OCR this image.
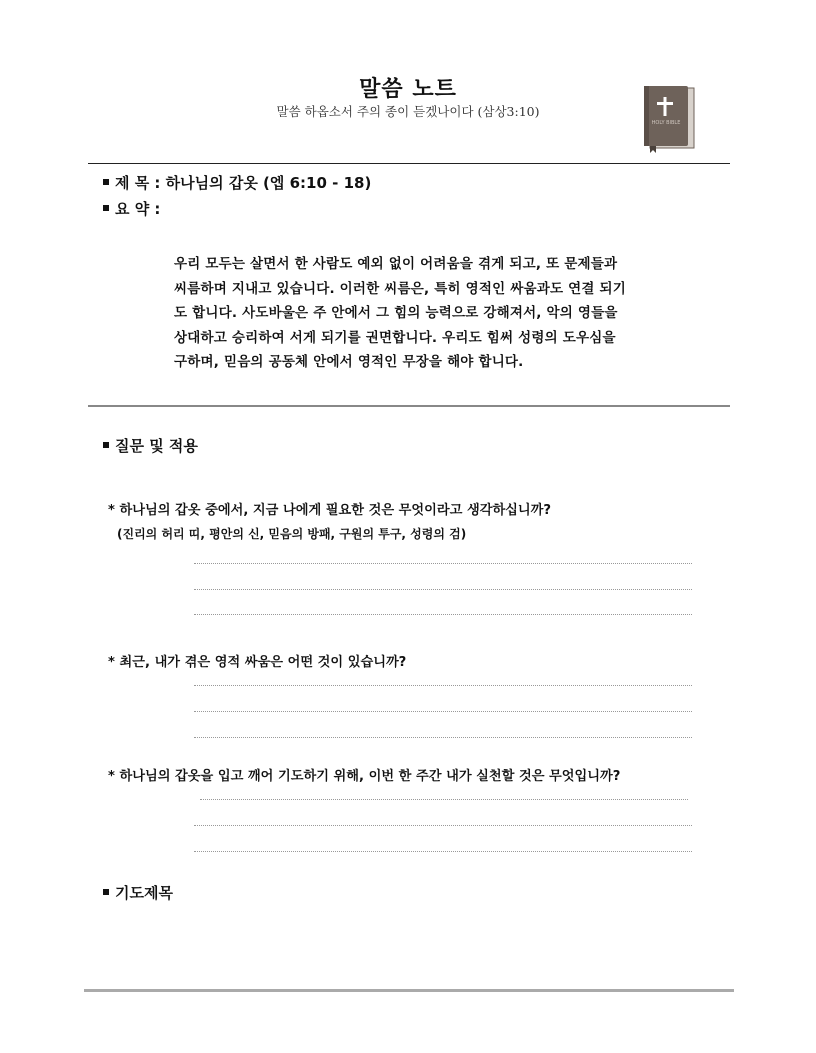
말씀 노트
말씀 하옵소서 주의 종이 듣겠나이다 (삼상3:10)
HOLY BIBLE
제 목 : 하나님의 갑옷 (엡 6:10 - 18)
요 약 :
우리 모두는 살면서 한 사람도 예외 없이 어려움을 겪게 되고, 또 문제들과
씨름하며 지내고 있습니다. 이러한 씨름은, 특히 영적인 싸움과도 연결 되기
도 합니다. 사도바울은 주 안에서 그 힘의 능력으로 강해져서, 악의 영들을
상대하고 승리하여 서게 되기를 권면합니다. 우리도 힘써 성령의 도우심을
구하며, 믿음의 공동체 안에서 영적인 무장을 해야 합니다.
질문 및 적용
* 하나님의 갑옷 중에서, 지금 나에게 필요한 것은 무엇이라고 생각하십니까?
(진리의 허리 띠, 평안의 신, 믿음의 방패, 구원의 투구, 성령의 검)
* 최근, 내가 겪은 영적 싸움은 어떤 것이 있습니까?
* 하나님의 갑옷을 입고 깨어 기도하기 위해, 이번 한 주간 내가 실천할 것은 무엇입니까?
기도제목
